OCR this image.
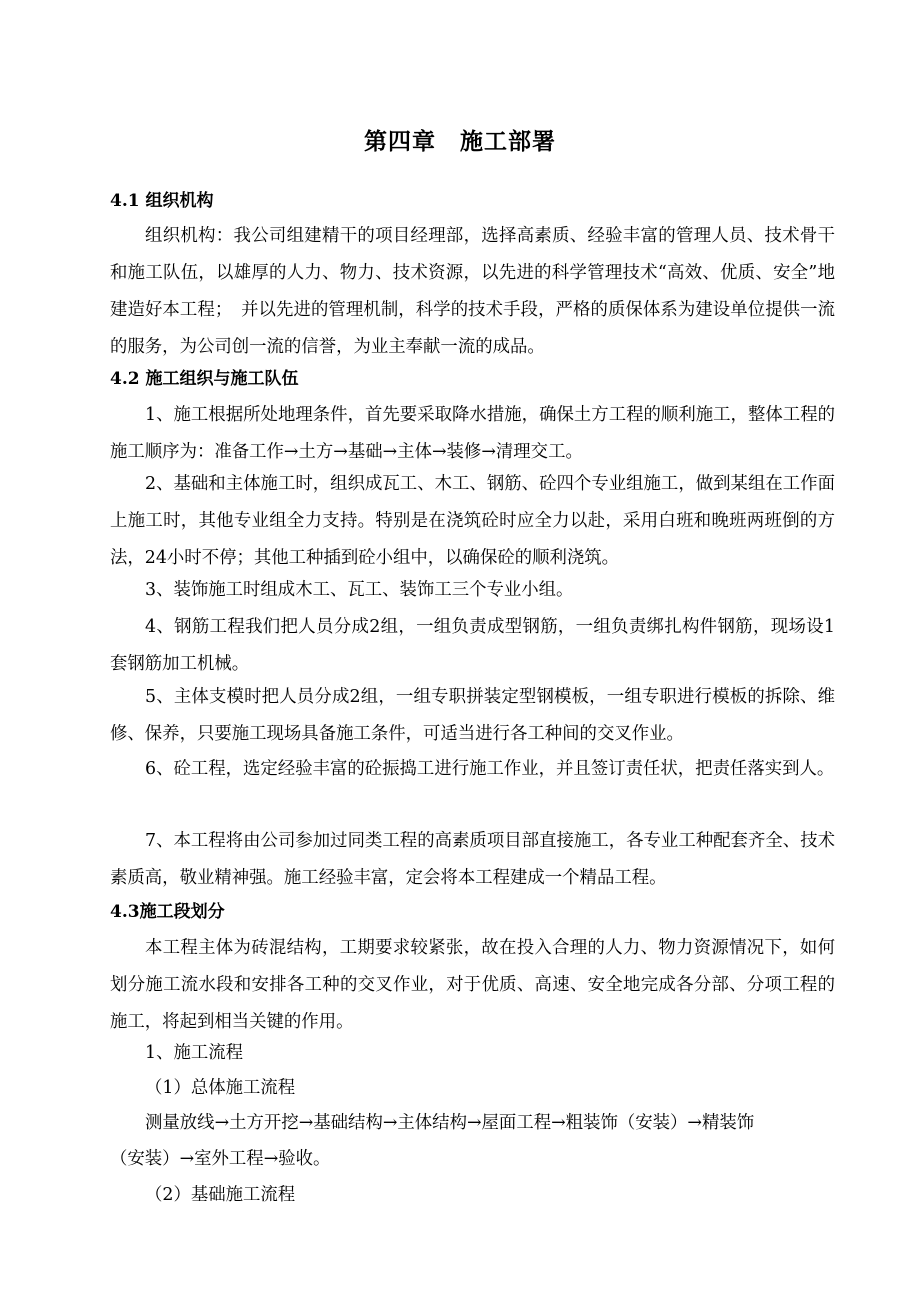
第四章　施工部署
4.1 组织机构
组织机构：我公司组建精干的项目经理部，选择高素质、经验丰富的管理人员、技术骨干和施工队伍，以雄厚的人力、物力、技术资源，以先进的科学管理技术“高效、优质、安全”地建造好本工程；　并以先进的管理机制，科学的技术手段，严格的质保体系为建设单位提供一流的服务，为公司创一流的信誉，为业主奉献一流的成品。
4.2 施工组织与施工队伍
1、施工根据所处地理条件，首先要采取降水措施，确保土方工程的顺利施工，整体工程的施工顺序为：准备工作→土方→基础→主体→装修→清理交工。
2、基础和主体施工时，组织成瓦工、木工、钢筋、砼四个专业组施工，做到某组在工作面上施工时，其他专业组全力支持。特别是在浇筑砼时应全力以赴，采用白班和晚班两班倒的方法，24小时不停；其他工种插到砼小组中，以确保砼的顺利浇筑。
3、装饰施工时组成木工、瓦工、装饰工三个专业小组。
4、钢筋工程我们把人员分成2组，一组负责成型钢筋，一组负责绑扎构件钢筋，现场设1 套钢筋加工机械。
5、主体支模时把人员分成2组，一组专职拼装定型钢模板，一组专职进行模板的拆除、维修、保养，只要施工现场具备施工条件，可适当进行各工种间的交叉作业。
6、砼工程，选定经验丰富的砼振捣工进行施工作业，并且签订责任状，把责任落实到人。
7、本工程将由公司参加过同类工程的高素质项目部直接施工，各专业工种配套齐全、技术素质高，敬业精神强。施工经验丰富，定会将本工程建成一个精品工程。
4.3施工段划分
本工程主体为砖混结构，工期要求较紧张，故在投入合理的人力、物力资源情况下，如何划分施工流水段和安排各工种的交叉作业，对于优质、高速、安全地完成各分部、分项工程的施工，将起到相当关键的作用。
1、施工流程
（1）总体施工流程
测量放线→土方开挖→基础结构→主体结构→屋面工程→粗装饰（安装）→精装饰
（安装）→室外工程→验收。
（2）基础施工流程
